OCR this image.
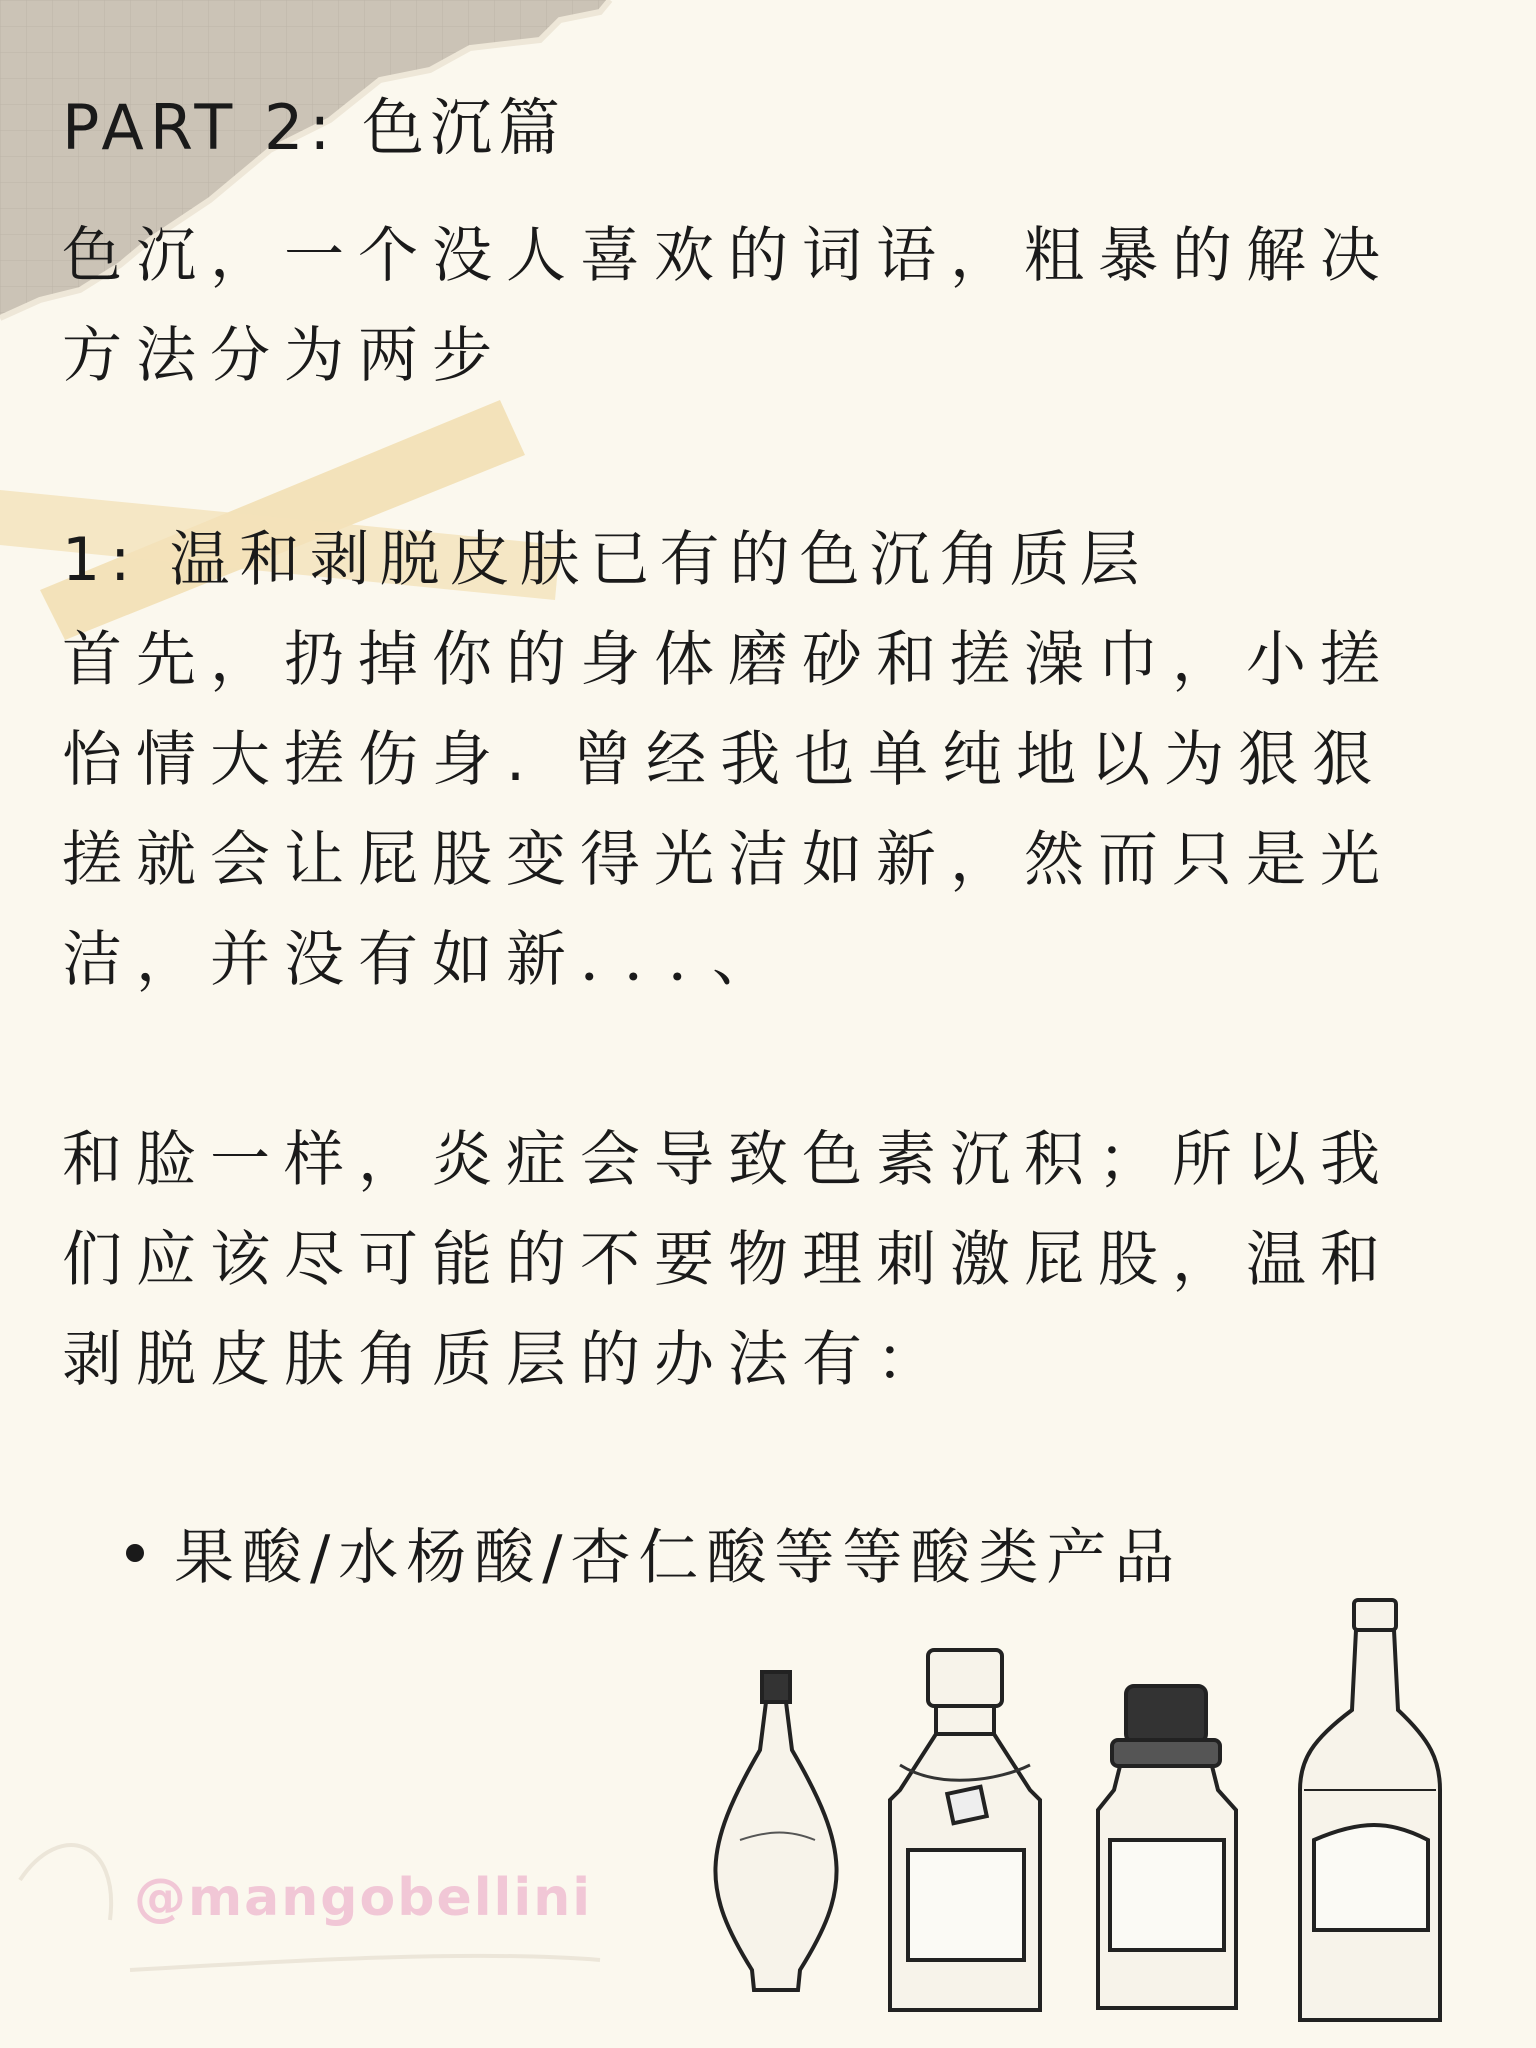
PART 2: 色沉篇

色沉，一个没人喜欢的词语，粗暴的解决

方法分为两步

1: 温和剥脱皮肤已有的色沉角质层

首先，扔掉你的身体磨砂和搓澡巾，小搓

怡情大搓伤身. 曾经我也单纯地以为狠狠

搓就会让屁股变得光洁如新，然而只是光

洁，并没有如新．．．、

和脸一样，炎症会导致色素沉积；所以我

们应该尽可能的不要物理刺激屁股，温和

剥脱皮肤角质层的办法有：

果酸/水杨酸/杏仁酸等等酸类产品
@mangobellini
